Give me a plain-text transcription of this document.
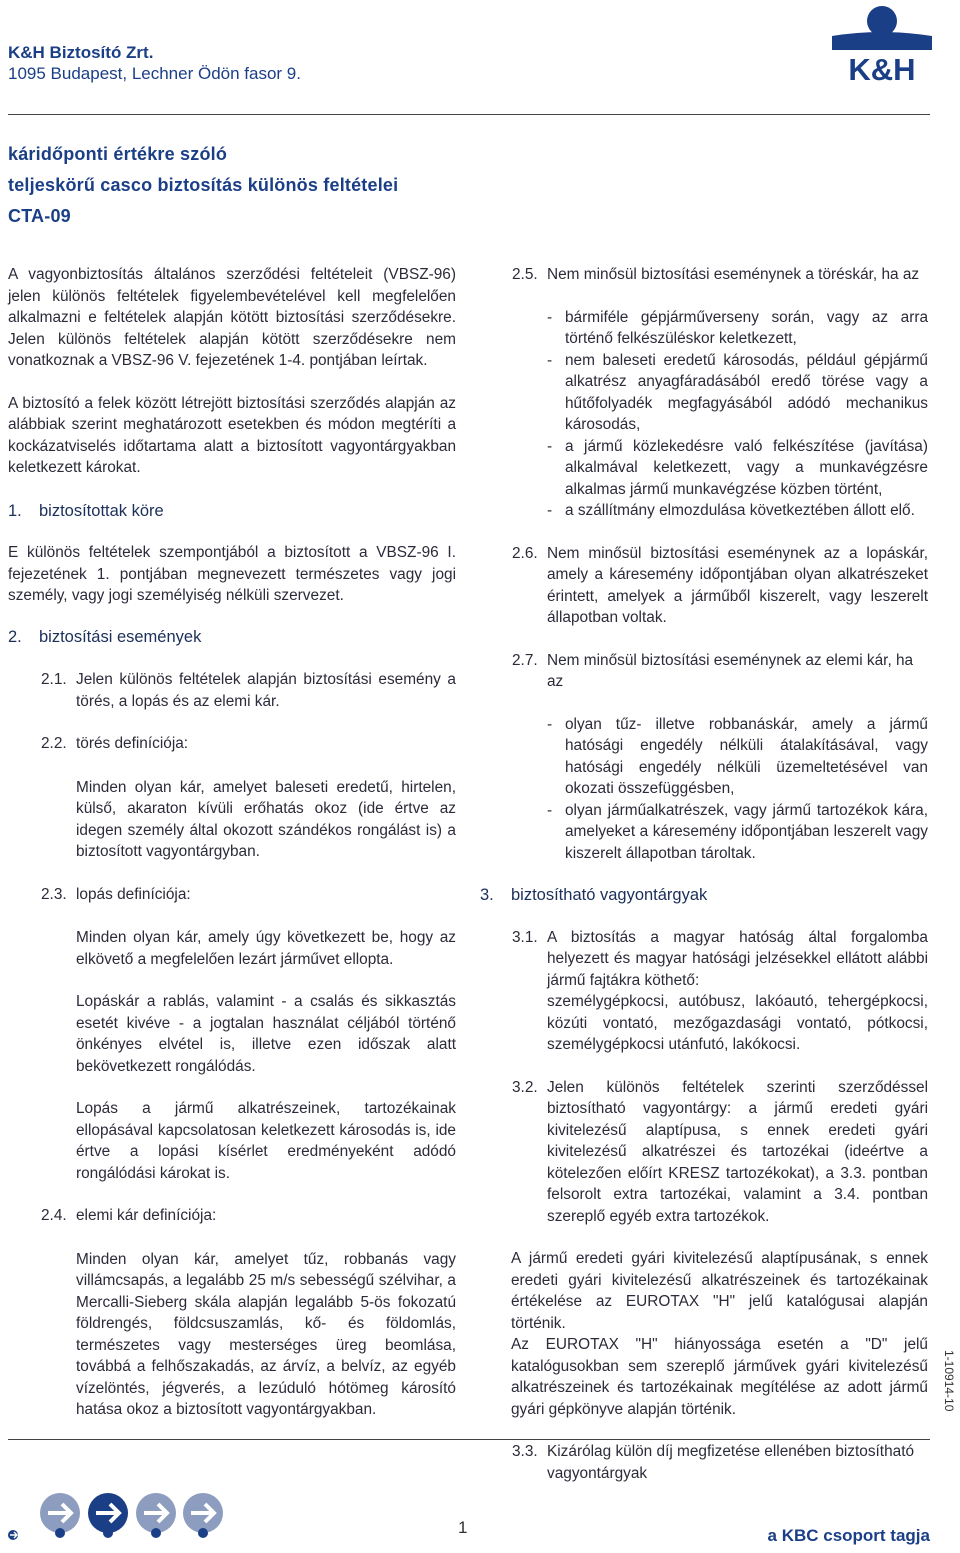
K&H Biztosító Zrt.
1095 Budapest, Lechner Ödön fasor 9.	K&H
káridőponti értékre szóló
teljeskörű casco biztosítás különös feltételei
CTA-09

A vagyonbiztosítás általános szerződési feltételeit (VBSZ-96) jelen különös feltételek figyelembevételével kell megfelelően alkalmazni e feltételek alapján kötött biztosítási szerződésekre. Jelen különös feltételek alapján kötött szerződésekre nem vonatkoznak a VBSZ-96 V. fejezetének 1-4. pontjában leírtak.

A biztosító a felek között létrejött biztosítási szerződés alapján az alábbiak szerint meghatározott esetekben és módon megtéríti a kockázatviselés időtartama alatt a biztosított vagyontárgyakban keletkezett károkat.

1. biztosítottak köre

E különös feltételek szempontjából a biztosított a VBSZ-96 I. fejezetének 1. pontjában megnevezett természetes vagy jogi személy, vagy jogi személyiség nélküli szervezet.

2. biztosítási események
2.1. Jelen különös feltételek alapján biztosítási esemény a törés, a lopás és az elemi kár.
2.2. törés definíciója:

Minden olyan kár, amelyet baleseti eredetű, hirtelen, külső, akaraton kívüli erőhatás okoz (ide értve az idegen személy által okozott szándékos rongálást is) a biztosított vagyontárgyban.

2.3. lopás definíciója:

Minden olyan kár, amely úgy következett be, hogy az elkövető a megfelelően lezárt járművet ellopta.

Lopáskár a rablás, valamint - a csalás és sikkasztás esetét kivéve - a jogtalan használat céljából történő önkényes elvétel is, illetve ezen időszak alatt bekövetkezett rongálódás.

Lopás a jármű alkatrészeinek, tartozékainak ellopásával kapcsolatosan keletkezett károsodás is, ide értve a lopási kísérlet eredményeként adódó rongálódási károkat is.

2.4. elemi kár definíciója:

Minden olyan kár, amelyet tűz, robbanás vagy villámcsapás, a legalább 25 m/s sebességű szélvihar, a Mercalli-Sieberg skála alapján legalább 5-ös fokozatú földrengés, földcsuszamlás, kő- és földomlás, természetes vagy mesterséges üreg beomlása, továbbá a felhőszakadás, az árvíz, a belvíz, az egyéb vízelöntés, jégverés, a lezúduló hótömeg károsító hatása okoz a biztosított vagyontárgyakban.

2.5. Nem minősül biztosítási eseménynek a töréskár, ha az
- bármiféle gépjárműverseny során, vagy az arra történő felkészüléskor keletkezett,
- nem baleseti eredetű károsodás, például gépjármű alkatrész anyagfáradásából eredő törése vagy a hűtőfolyadék megfagyásából adódó mechanikus károsodás,
- a jármű közlekedésre való felkészítése (javítása) alkalmával keletkezett, vagy a munkavégzésre alkalmas jármű munkavégzése közben történt,
- a szállítmány elmozdulása következtében állott elő.
2.6. Nem minősül biztosítási eseménynek az a lopáskár, amely a káresemény időpontjában olyan alkatrészeket érintett, amelyek a járműből kiszerelt, vagy leszerelt állapotban voltak.
2.7. Nem minősül biztosítási eseménynek az elemi kár, ha az
- olyan tűz- illetve robbanáskár, amely a jármű hatósági engedély nélküli átalakításával, vagy hatósági engedély nélküli üzemeltetésével van okozati összefüggésben,
- olyan járműalkatrészek, vagy jármű tartozékok kára, amelyeket a káresemény időpontjában leszerelt vagy kiszerelt állapotban tároltak.
3. biztosítható vagyontárgyak
3.1. A biztosítás a magyar hatóság által forgalomba helyezett és magyar hatósági jelzésekkel ellátott alábbi jármű fajtákra köthető:

személygépkocsi, autóbusz, lakóautó, tehergépkocsi, közúti vontató, mezőgazdasági vontató, pótkocsi, személygépkocsi utánfutó, lakókocsi.

3.2. Jelen különös feltételek szerinti szerződéssel biztosítható vagyontárgy: a jármű eredeti gyári kivitelezésű alaptípusa, s ennek eredeti gyári kivitelezésű alkatrészei és tartozékai (ideértve a kötelezően előírt KRESZ tartozékokat), a 3.3. pontban felsorolt extra tartozékai, valamint a 3.4. pontban szereplő egyéb extra tartozékok.

A jármű eredeti gyári kivitelezésű alaptípusának, s ennek eredeti gyári kivitelezésű alkatrészeinek és tartozékainak értékelése az EUROTAX "H" jelű katalógusai alapján történik.

Az EUROTAX "H" hiányossága esetén a "D" jelű katalógusokban sem szereplő járművek gyári kivitelezésű alkatrészeinek és tartozékainak megítélése az adott jármű gyári gépkönyve alapján történik.

3.3. Kizárólag külön díj megfizetése ellenében biztosítható vagyontárgyak
1-10914-10
1	a KBC csoport tagja
